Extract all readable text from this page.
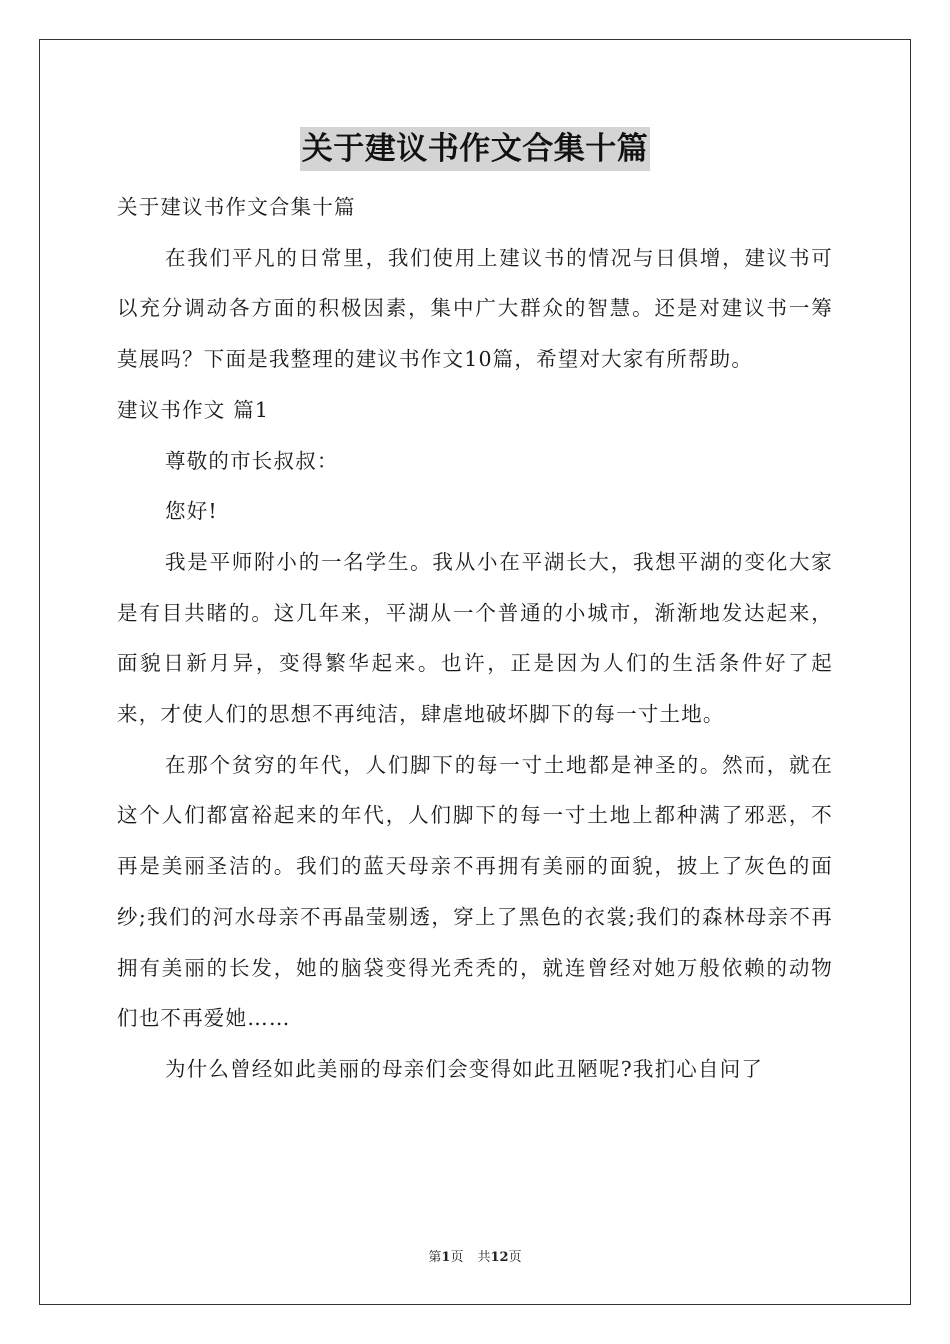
关于建议书作文合集十篇

关于建议书作文合集十篇

在我们平凡的日常里，我们使用上建议书的情况与日俱增，建议书可以充分调动各方面的积极因素，集中广大群众的智慧。还是对建议书一筹莫展吗？下面是我整理的建议书作文10篇，希望对大家有所帮助。

建议书作文 篇1

尊敬的市长叔叔：

您好!

我是平师附小的一名学生。我从小在平湖长大，我想平湖的变化大家是有目共睹的。这几年来，平湖从一个普通的小城市，渐渐地发达起来，面貌日新月异，变得繁华起来。也许，正是因为人们的生活条件好了起来，才使人们的思想不再纯洁，肆虐地破坏脚下的每一寸土地。

在那个贫穷的年代，人们脚下的每一寸土地都是神圣的。然而，就在这个人们都富裕起来的年代，人们脚下的每一寸土地上都种满了邪恶，不再是美丽圣洁的。我们的蓝天母亲不再拥有美丽的面貌，披上了灰色的面纱;我们的河水母亲不再晶莹剔透，穿上了黑色的衣裳;我们的森林母亲不再拥有美丽的长发，她的脑袋变得光秃秃的，就连曾经对她万般依赖的动物们也不再爱她……

为什么曾经如此美丽的母亲们会变得如此丑陋呢?我扪心自问了

第1页 共12页
